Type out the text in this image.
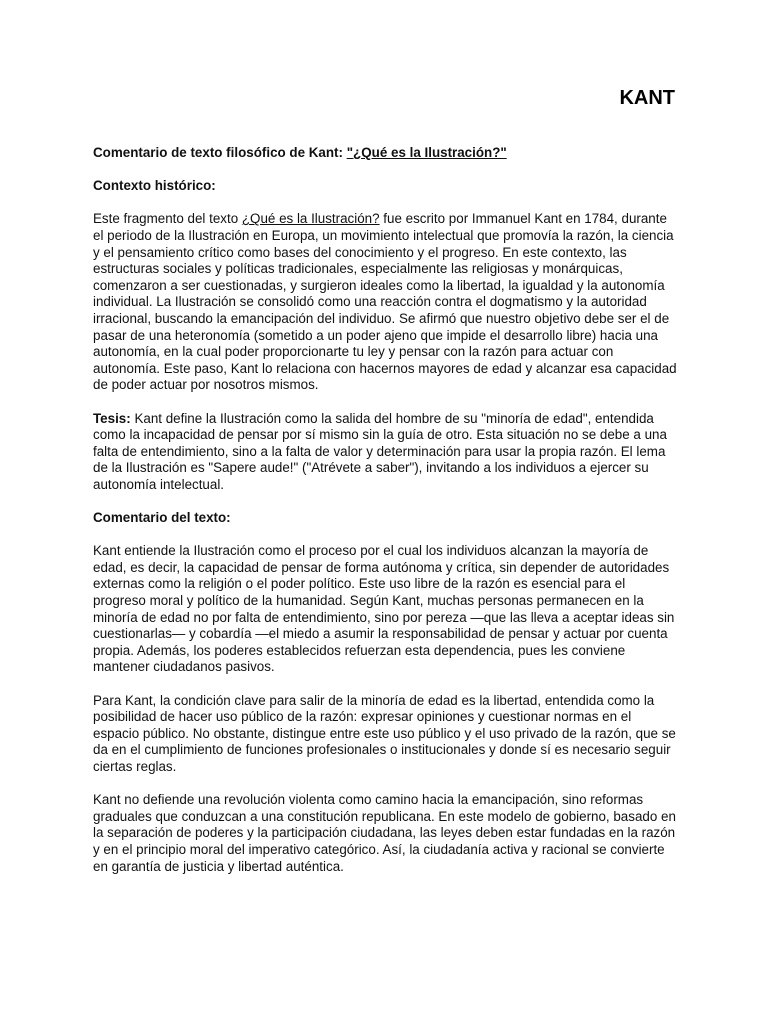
KANT

Comentario de texto filosófico de Kant: "¿Qué es la Ilustración?"

Contexto histórico:

Este fragmento del texto ¿Qué es la Ilustración? fue escrito por Immanuel Kant en 1784, durante el periodo de la Ilustración en Europa, un movimiento intelectual que promovía la razón, la ciencia y el pensamiento crítico como bases del conocimiento y el progreso. En este contexto, las estructuras sociales y políticas tradicionales, especialmente las religiosas y monárquicas, comenzaron a ser cuestionadas, y surgieron ideales como la libertad, la igualdad y la autonomía individual. La Ilustración se consolidó como una reacción contra el dogmatismo y la autoridad irracional, buscando la emancipación del individuo. Se afirmó que nuestro objetivo debe ser el de pasar de una heteronomía (sometido a un poder ajeno que impide el desarrollo libre) hacia una autonomía, en la cual poder proporcionarte tu ley y pensar con la razón para actuar con autonomía. Este paso, Kant lo relaciona con hacernos mayores de edad y alcanzar esa capacidad de poder actuar por nosotros mismos.

Tesis: Kant define la Ilustración como la salida del hombre de su "minoría de edad", entendida como la incapacidad de pensar por sí mismo sin la guía de otro. Esta situación no se debe a una falta de entendimiento, sino a la falta de valor y determinación para usar la propia razón. El lema de la Ilustración es "Sapere aude!" ("Atrévete a saber"), invitando a los individuos a ejercer su autonomía intelectual.

Comentario del texto:

Kant entiende la Ilustración como el proceso por el cual los individuos alcanzan la mayoría de edad, es decir, la capacidad de pensar de forma autónoma y crítica, sin depender de autoridades externas como la religión o el poder político. Este uso libre de la razón es esencial para el progreso moral y político de la humanidad. Según Kant, muchas personas permanecen en la minoría de edad no por falta de entendimiento, sino por pereza —que las lleva a aceptar ideas sin cuestionarlas— y cobardía —el miedo a asumir la responsabilidad de pensar y actuar por cuenta propia. Además, los poderes establecidos refuerzan esta dependencia, pues les conviene mantener ciudadanos pasivos.

Para Kant, la condición clave para salir de la minoría de edad es la libertad, entendida como la posibilidad de hacer uso público de la razón: expresar opiniones y cuestionar normas en el espacio público. No obstante, distingue entre este uso público y el uso privado de la razón, que se da en el cumplimiento de funciones profesionales o institucionales y donde sí es necesario seguir ciertas reglas.

Kant no defiende una revolución violenta como camino hacia la emancipación, sino reformas graduales que conduzcan a una constitución republicana. En este modelo de gobierno, basado en la separación de poderes y la participación ciudadana, las leyes deben estar fundadas en la razón y en el principio moral del imperativo categórico. Así, la ciudadanía activa y racional se convierte en garantía de justicia y libertad auténtica.
